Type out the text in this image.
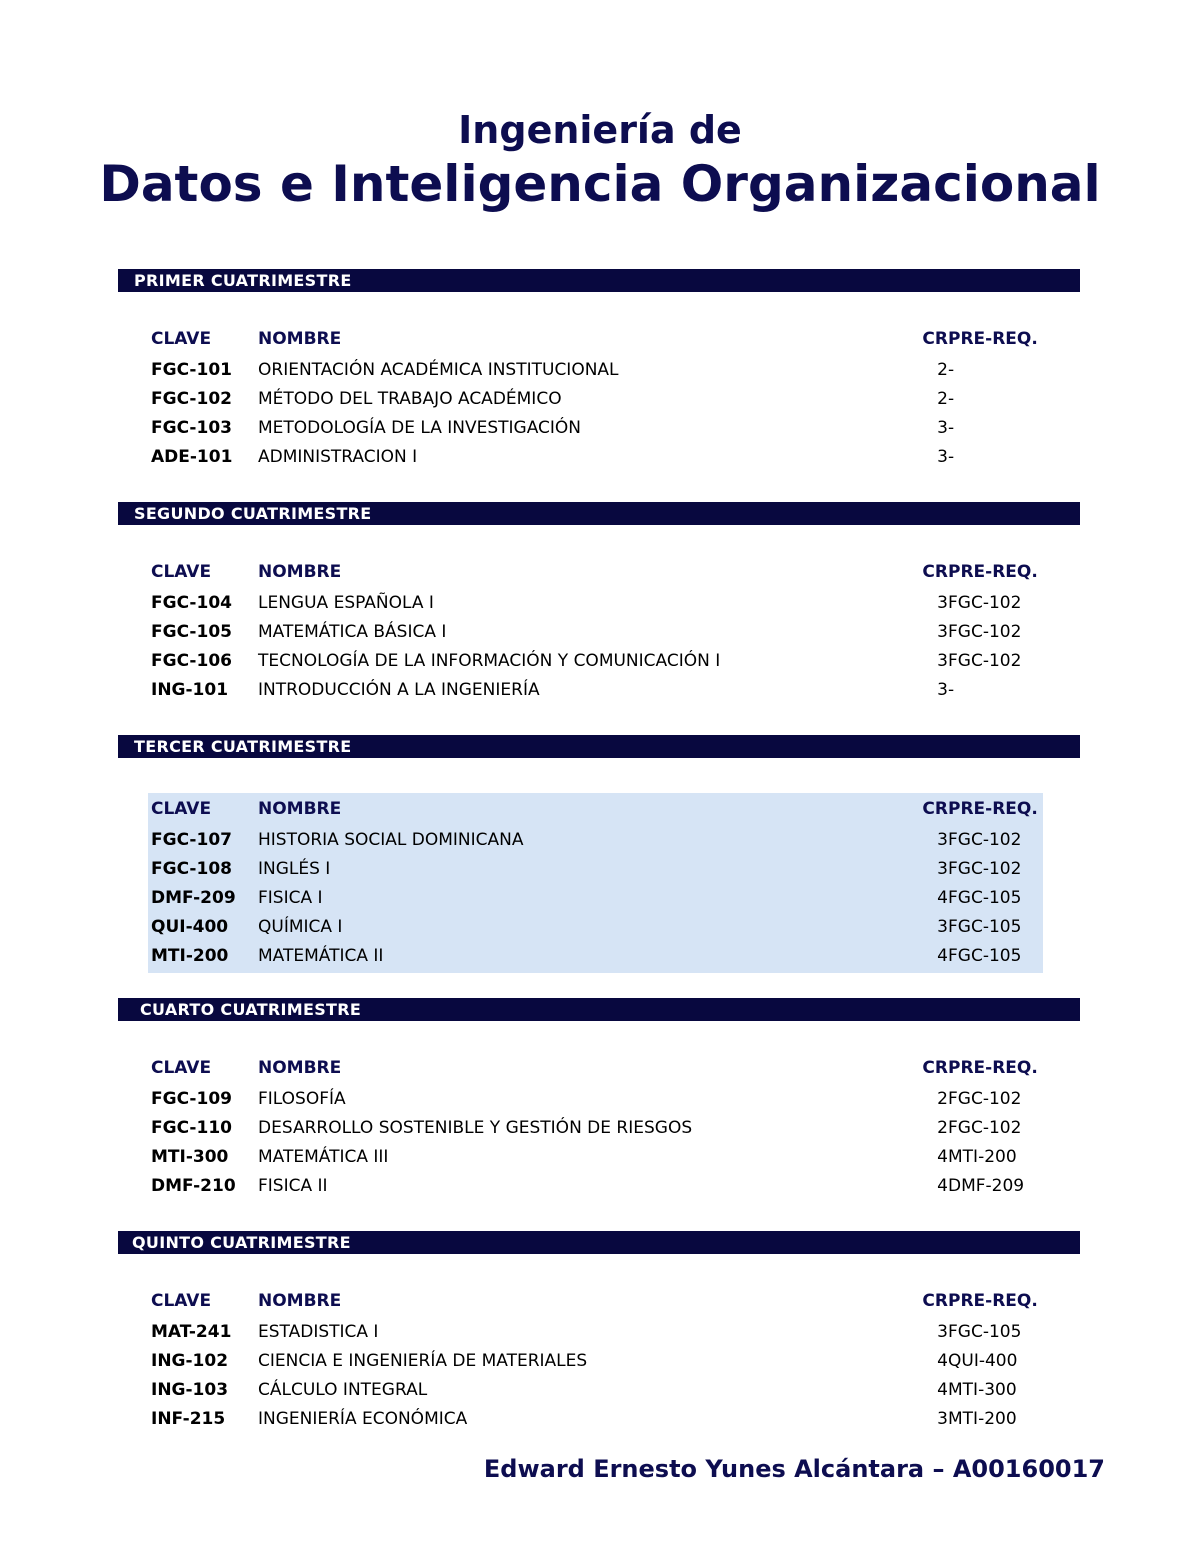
Ingeniería de
Datos e Inteligencia Organizacional
PRIMER CUATRIMESTRE
CLAVE	NOMBRE	CR PRE-REQ.
FGC-101 ORIENTACIÓN ACADÉMICA INSTITUCIONAL	2 -
FGC-102 MÉTODO DEL TRABAJO ACADÉMICO	2 -
FGC-103 METODOLOGÍA DE LA INVESTIGACIÓN	3 -
ADE-101 ADMINISTRACION I	3 -
SEGUNDO CUATRIMESTRE
CLAVE	NOMBRE	CR PRE-REQ.
FGC-104 LENGUA ESPAÑOLA I	3 FGC-102
FGC-105 MATEMÁTICA BÁSICA I	3 FGC-102
FGC-106 TECNOLOGÍA DE LA INFORMACIÓN Y COMUNICACIÓN I	3 FGC-102
ING-101 INTRODUCCIÓN A LA INGENIERÍA	3 -
TERCER CUATRIMESTRE
CLAVE	NOMBRE	CR PRE-REQ.
FGC-107 HISTORIA SOCIAL DOMINICANA	3 FGC-102
FGC-108 INGLÉS I	3 FGC-102
DMF-209 FISICA I	4 FGC-105
QUI-400 QUÍMICA I	3 FGC-105
MTI-200 MATEMÁTICA II	4 FGC-105
CUARTO CUATRIMESTRE
CLAVE	NOMBRE	CR PRE-REQ.
FGC-109 FILOSOFÍA	2 FGC-102
FGC-110 DESARROLLO SOSTENIBLE Y GESTIÓN DE RIESGOS	2 FGC-102
MTI-300 MATEMÁTICA III	4 MTI-200
DMF-210 FISICA II	4 DMF-209
QUINTO CUATRIMESTRE
CLAVE	NOMBRE	CR PRE-REQ.
MAT-241 ESTADISTICA I	3 FGC-105
ING-102 CIENCIA E INGENIERÍA DE MATERIALES	4 QUI-400
ING-103 CÁLCULO INTEGRAL	4 MTI-300
INF-215 INGENIERÍA ECONÓMICA	3 MTI-200
Edward Ernesto Yunes Alcántara – A00160017
